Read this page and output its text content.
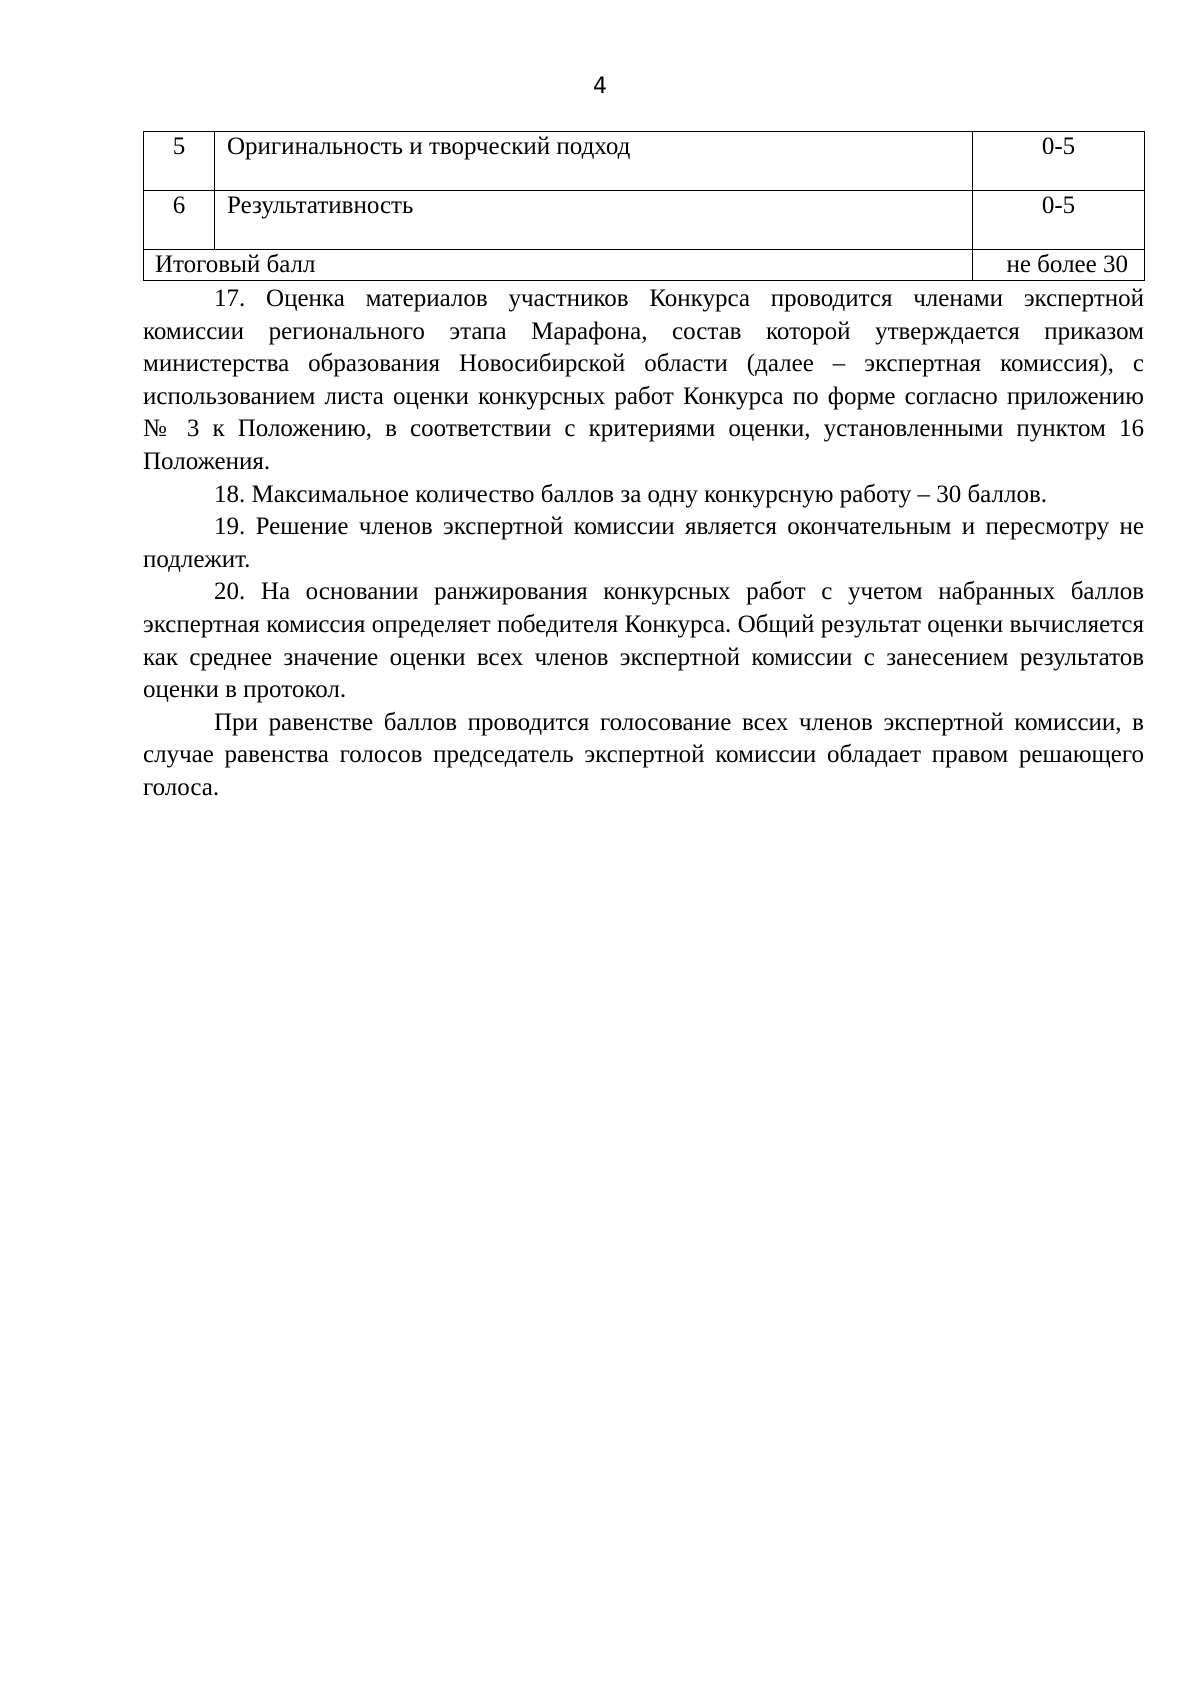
4
5	Оригинальность и творческий подход	0-5
6	Результативность	0-5
Итоговый балл		не более 30

17. Оценка материалов участников Конкурса проводится членами экспертной комиссии регионального этапа Марафона, состав которой утверждается приказом министерства образования Новосибирской области (далее – экспертная комиссия), с использованием листа оценки конкурсных работ Конкурса по форме согласно приложению № 3 к Положению, в соответствии с критериями оценки, установленными пунктом 16 Положения.

18. Максимальное количество баллов за одну конкурсную работу – 30 баллов.

19. Решение членов экспертной комиссии является окончательным и пересмотру не подлежит.

20. На основании ранжирования конкурсных работ с учетом набранных баллов экспертная комиссия определяет победителя Конкурса. Общий результат оценки вычисляется как среднее значение оценки всех членов экспертной комиссии с занесением результатов оценки в протокол.

При равенстве баллов проводится голосование всех членов экспертной комиссии, в случае равенства голосов председатель экспертной комиссии обладает правом решающего голоса.
